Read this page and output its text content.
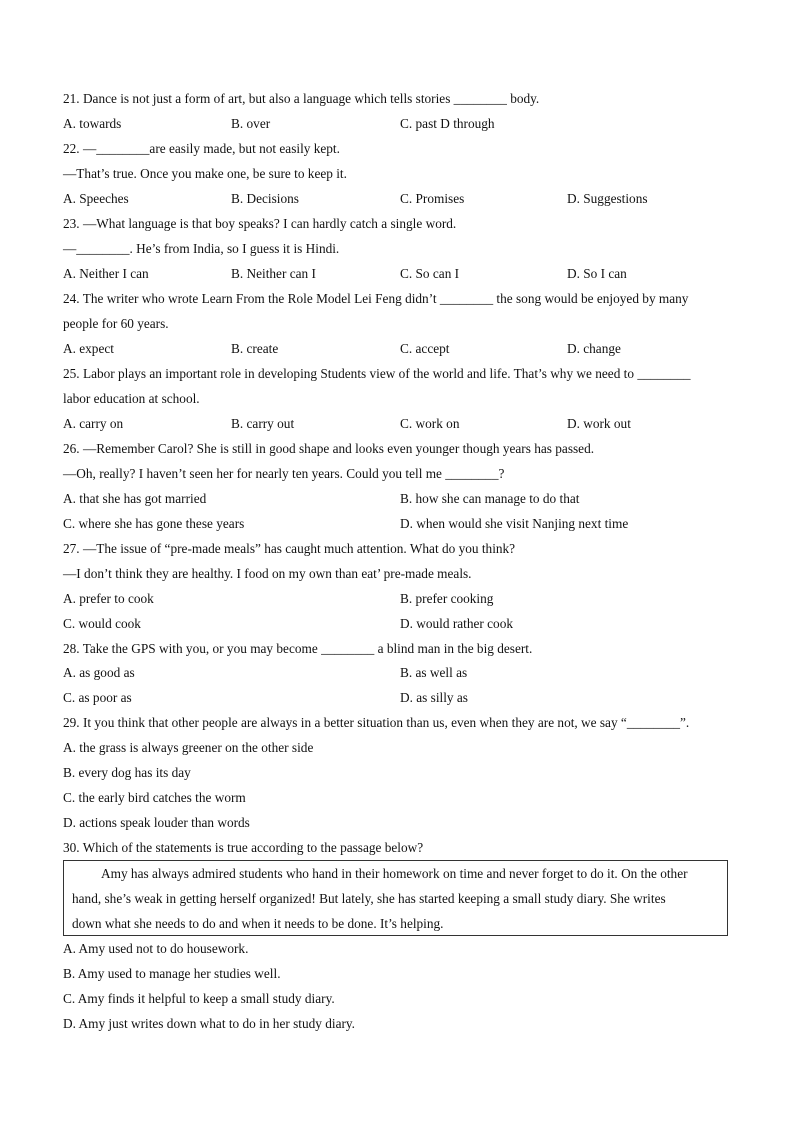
21. Dance is not just a form of art, but also a language which tells stories ________ body.
A. towards	B. over	C. past D through
22. —________are easily made, but not easily kept.
—That’s true. Once you make one, be sure to keep it.
A. Speeches	B. Decisions	C. Promises	D. Suggestions
23. —What language is that boy speaks? I can hardly catch a single word.
—________. He’s from India, so I guess it is Hindi.
A. Neither I can	B. Neither can I	C. So can I	D. So I can
24. The writer who wrote Learn From the Role Model Lei Feng didn’t ________ the song would be enjoyed by many
people for 60 years.
A. expect	B. create	C. accept	D. change
25. Labor plays an important role in developing Students view of the world and life. That’s why we need to ________
labor education at school.
A. carry on	B. carry out	C. work on	D. work out
26. —Remember Carol? She is still in good shape and looks even younger though years has passed.
—Oh, really? I haven’t seen her for nearly ten years. Could you tell me ________?
A. that she has got married	B. how she can manage to do that
C. where she has gone these years	D. when would she visit Nanjing next time
27. —The issue of “pre-made meals” has caught much attention. What do you think?
—I don’t think they are healthy. I food on my own than eat’ pre-made meals.
A. prefer to cook	B. prefer cooking
C. would cook	D. would rather cook
28. Take the GPS with you, or you may become ________ a blind man in the big desert.
A. as good as	B. as well as
C. as poor as	D. as silly as
29. It you think that other people are always in a better situation than us, even when they are not, we say “________”.
A. the grass is always greener on the other side
B. every dog has its day
C. the early bird catches the worm
D. actions speak louder than words
30. Which of the statements is true according to the passage below?
Amy has always admired students who hand in their homework on time and never forget to do it. On the other
hand, she’s weak in getting herself organized! But lately, she has started keeping a small study diary. She writes
down what she needs to do and when it needs to be done. It’s helping.
A. Amy used not to do housework.
B. Amy used to manage her studies well.
C. Amy finds it helpful to keep a small study diary.
D. Amy just writes down what to do in her study diary.
